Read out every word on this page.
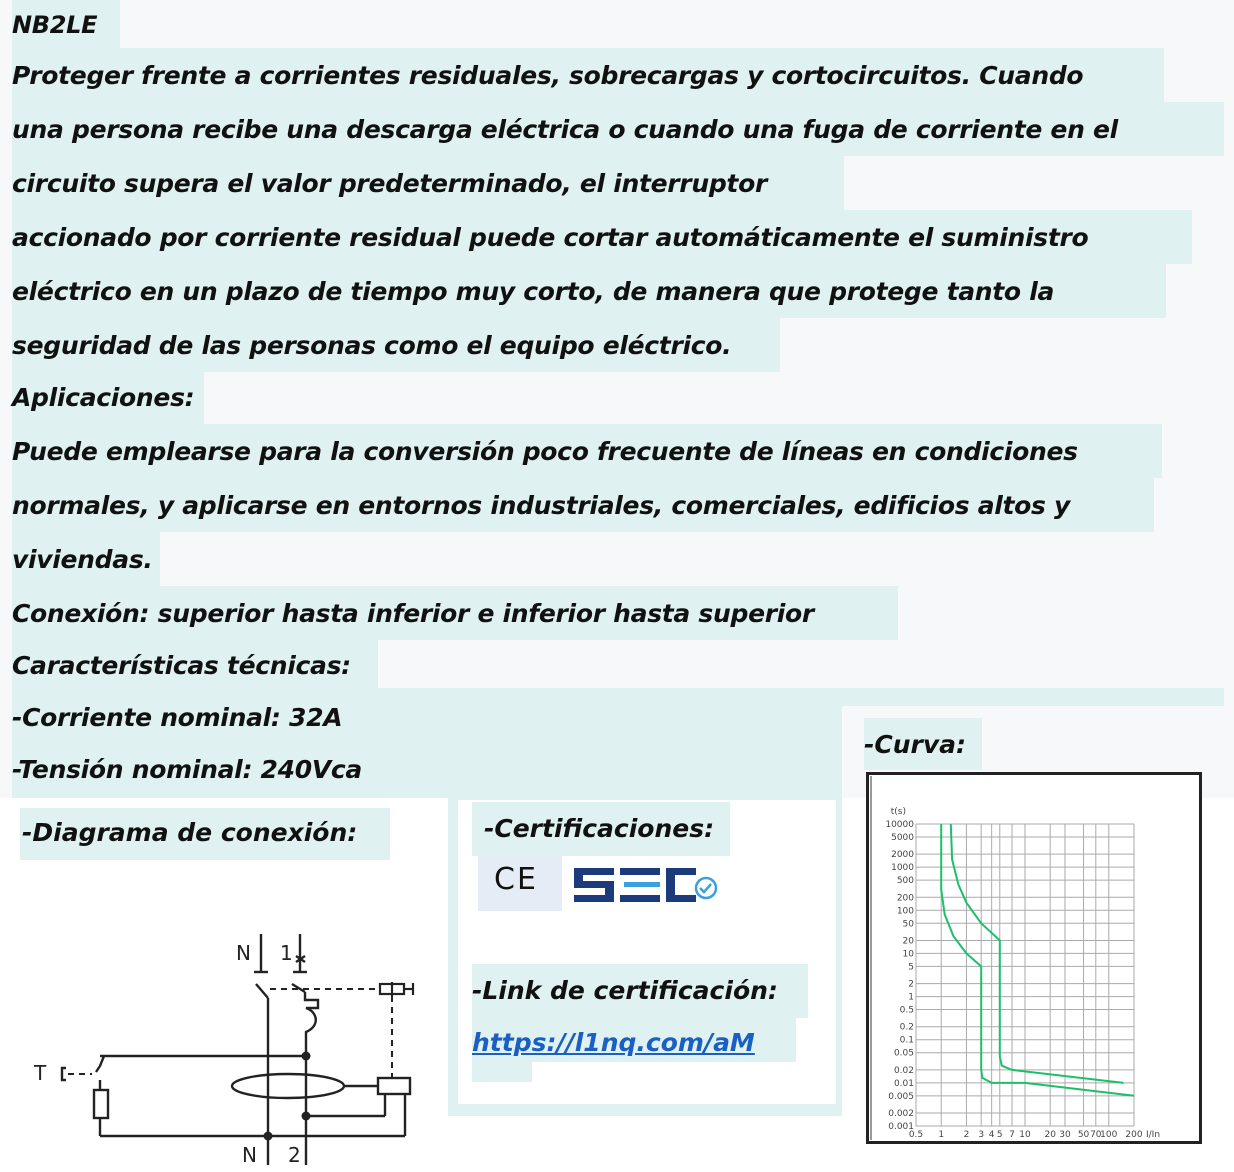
NB2LE
Proteger frente a corrientes residuales, sobrecargas y cortocircuitos. Cuando
una persona recibe una descarga eléctrica o cuando una fuga de corriente en el
circuito supera el valor predeterminado, el interruptor
accionado por corriente residual puede cortar automáticamente el suministro
eléctrico en un plazo de tiempo muy corto, de manera que protege tanto la
seguridad de las personas como el equipo eléctrico.
Aplicaciones:
Puede emplearse para la conversión poco frecuente de líneas en condiciones
normales, y aplicarse en entornos industriales, comerciales, edificios altos y
viviendas.
Conexión: superior hasta inferior e inferior hasta superior
Características técnicas:
-Corriente nominal: 32A
-Tensión nominal: 240Vca
-Diagrama de conexión:	-Certificaciones:
CE
-Link de certificación:
https://l1nq.com/aM
-Curva:
N 1
N 2
T
0.5 1 2 3 4 5 7 10 20 30 50 70
100 200
10000
5000
2000
1000
500
200
100
50
20
10
5
2
1
0.5
0.2
0.1
0.05
0.02
0.01
0.005
0.002
0.001
t(s)
I/In
